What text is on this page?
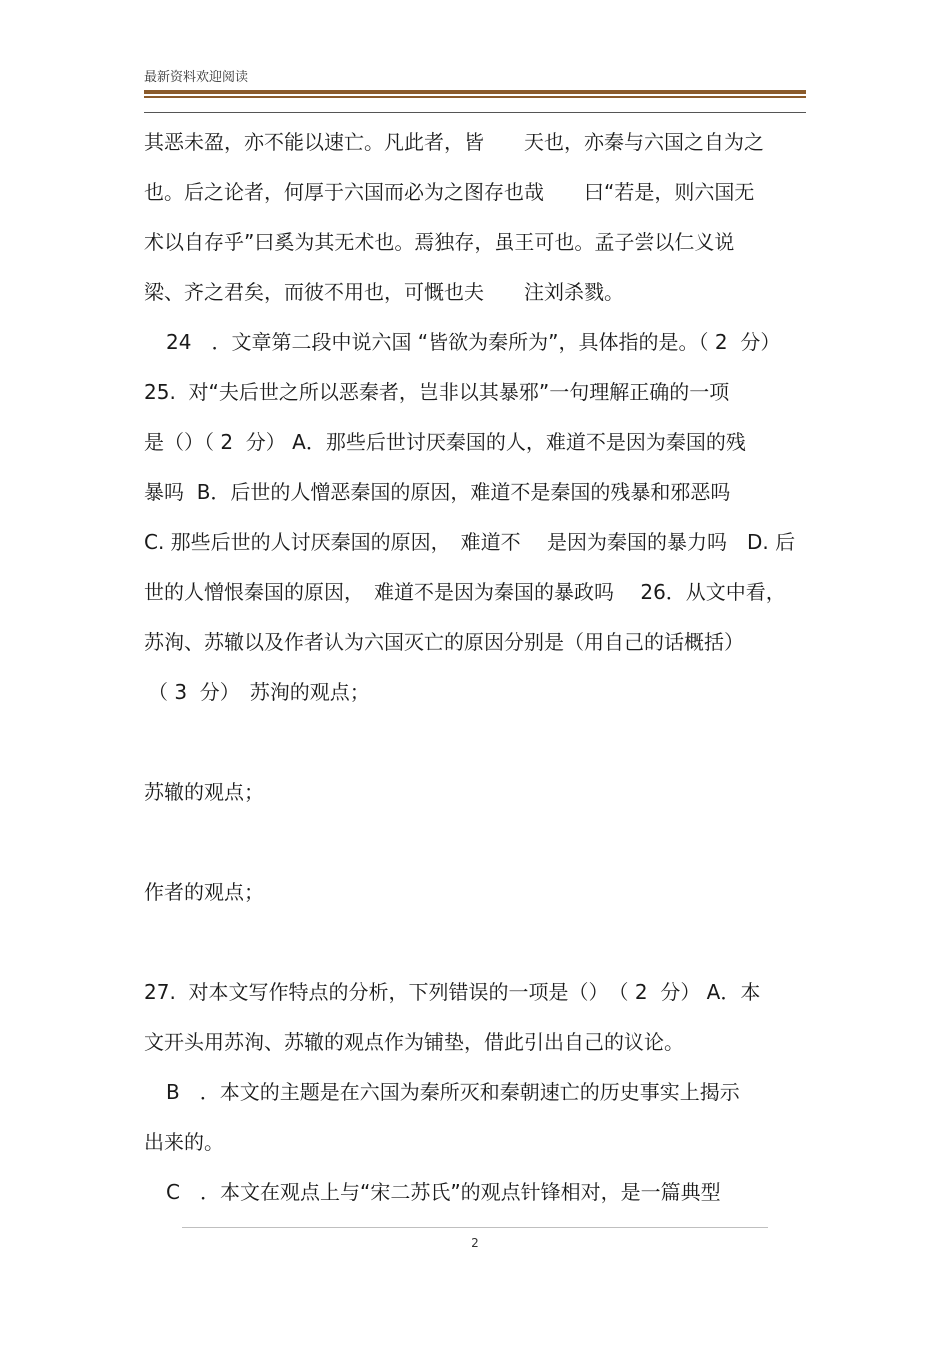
最新资料欢迎阅读
其恶未盈，亦不能以速亡。凡此者，皆　　天也，亦秦与六国之自为之
也。后之论者，何厚于六国而必为之图存也哉　　曰“若是，则六国无
术以自存乎”曰奚为其无术也。焉独存，虽王可也。孟子尝以仁义说
梁、齐之君矣，而彼不用也，可慨也夫　　注刘杀戮。
24　．文章第二段中说六国 “皆欲为秦所为”，具体指的是。（ 2  分）
25.  对“夫后世之所以恶秦者，岂非以其暴邪”一句理解正确的一项
是（）（ 2  分） A．那些后世讨厌秦国的人，难道不是因为秦国的残
暴吗  B．后世的人憎恶秦国的原因，难道不是秦国的残暴和邪恶吗
C. 那些后世的人讨厌秦国的原因，　难道不 　是因为秦国的暴力吗　D. 后
世的人憎恨秦国的原因，　难道不是因为秦国的暴政吗　 26．从文中看，
苏洵、苏辙以及作者认为六国灭亡的原因分别是（用自己的话概括）
（ 3  分）　苏洵的观点；
苏辙的观点；
作者的观点；
27.  对本文写作特点的分析，下列错误的一项是（）　（ 2  分） A．本
文开头用苏洵、苏辙的观点作为铺垫，借此引出自己的议论。
B　．本文的主题是在六国为秦所灭和秦朝速亡的历史事实上揭示
出来的。
C　．本文在观点上与“宋二苏氏”的观点针锋相对，是一篇典型
2
